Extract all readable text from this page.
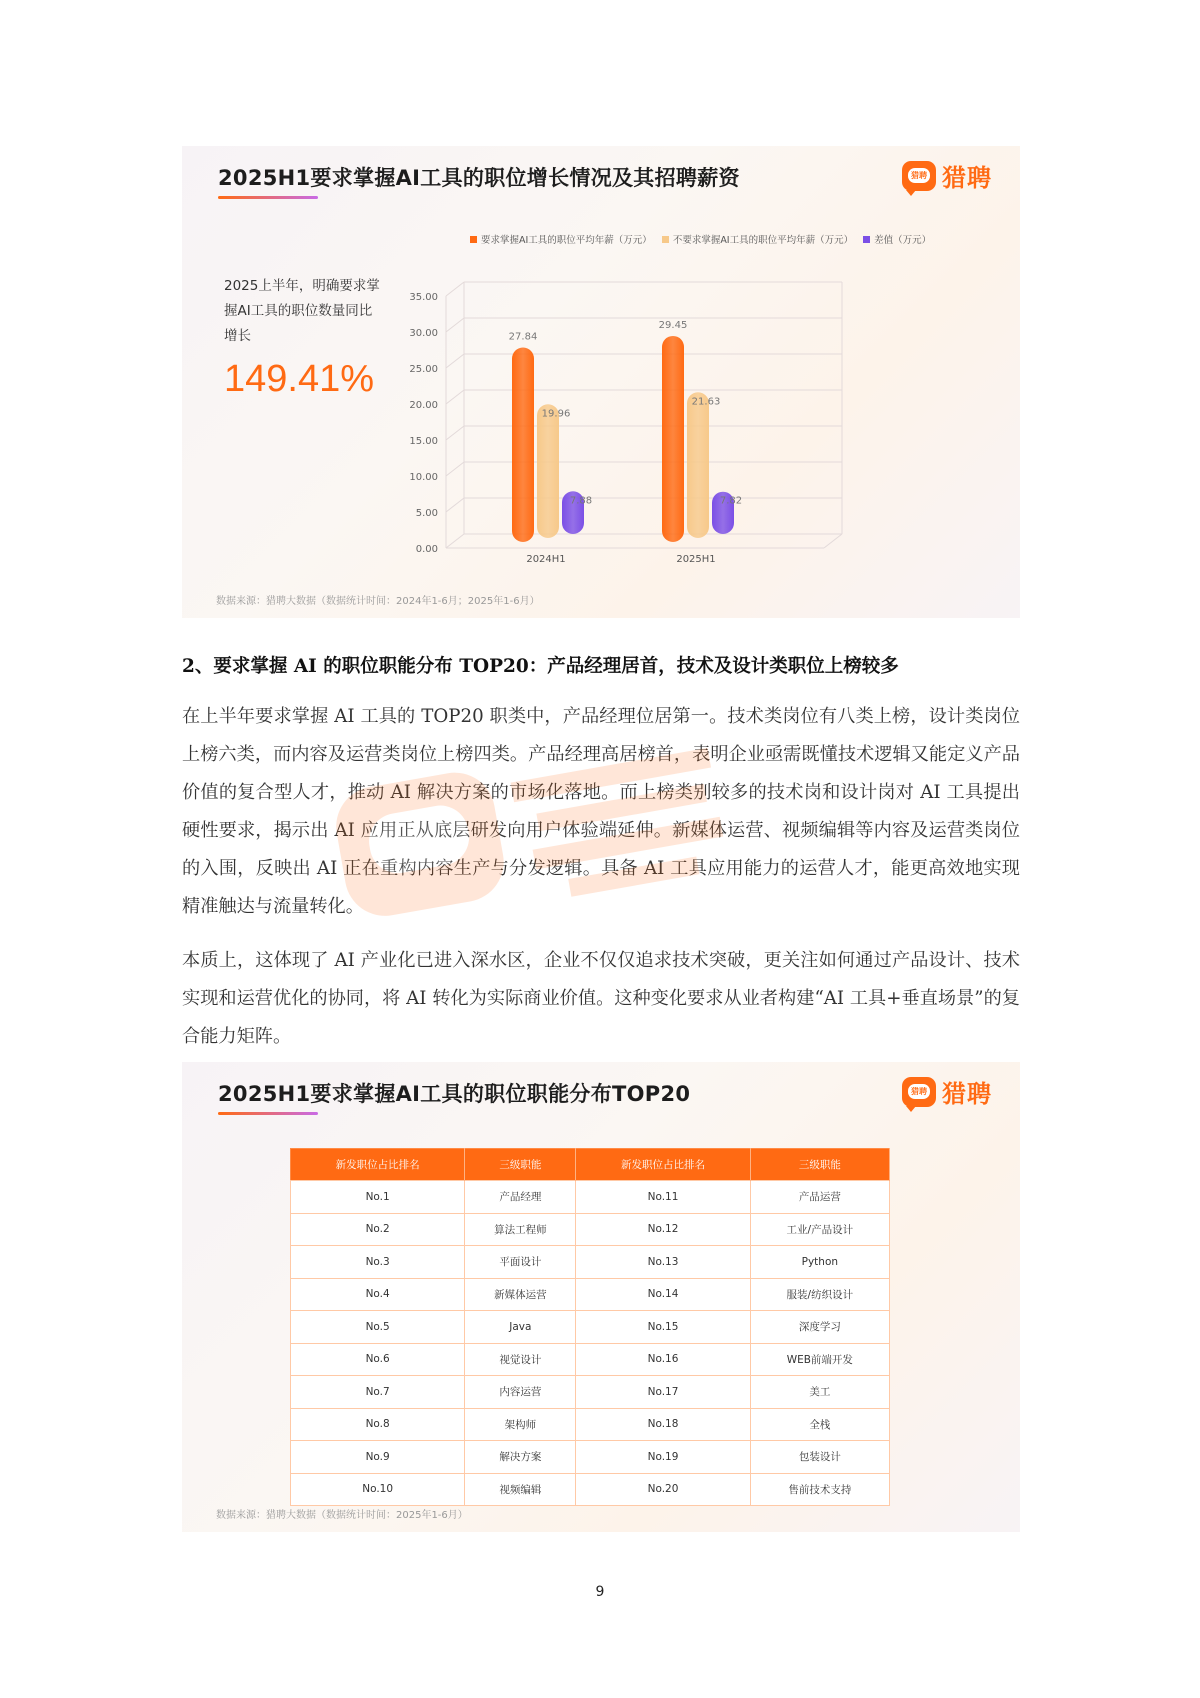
2025H1要求掌握AI工具的职位增长情况及其招聘薪资	猎聘 猎聘
要求掌握AI工具的职位平均年薪（万元） 不要求掌握AI工具的职位平均年薪（万元） 差值（万元）
2025上半年，明确要求掌握AI工具的职位数量同比增长
149.41%
0.00
5.00
10.00
15.00
20.00
25.00
30.00
35.00
27.84
19.96
7.88
2024H1
29.45
21.63
7.82
2025H1
数据来源：猎聘大数据（数据统计时间：2024年1-6月；2025年1-6月）
2、要求掌握 AI 的职位职能分布 TOP20：产品经理居首，技术及设计类职位上榜较多

在上半年要求掌握 AI 工具的 TOP20 职类中，产品经理位居第一。技术类岗位有八类上榜，设计类岗位上榜六类，而内容及运营类岗位上榜四类。产品经理高居榜首，表明企业亟需既懂技术逻辑又能定义产品价值的复合型人才，推动 AI 解决方案的市场化落地。而上榜类别较多的技术岗和设计岗对 AI 工具提出硬性要求，揭示出 AI 应用正从底层研发向用户体验端延伸。新媒体运营、视频编辑等内容及运营类岗位的入围，反映出 AI 正在重构内容生产与分发逻辑。具备 AI 工具应用能力的运营人才，能更高效地实现精准触达与流量转化。

本质上，这体现了 AI 产业化已进入深水区，企业不仅仅追求技术突破，更关注如何通过产品设计、技术实现和运营优化的协同，将 AI 转化为实际商业价值。这种变化要求从业者构建“AI 工具+垂直场景”的复合能力矩阵。

2025H1要求掌握AI工具的职位职能分布TOP20	猎聘 猎聘
新发职位占比排名	三级职能	新发职位占比排名	三级职能
No.1	产品经理	No.11	产品运营
No.2	算法工程师	No.12	工业/产品设计
No.3	平面设计	No.13	Python
No.4	新媒体运营	No.14	服装/纺织设计
No.5	Java	No.15	深度学习
No.6	视觉设计	No.16	WEB前端开发
No.7	内容运营	No.17	美工
No.8	架构师	No.18	全栈
No.9	解决方案	No.19	包装设计
No.10	视频编辑	No.20	售前技术支持
数据来源：猎聘大数据（数据统计时间：2025年1-6月）
9
